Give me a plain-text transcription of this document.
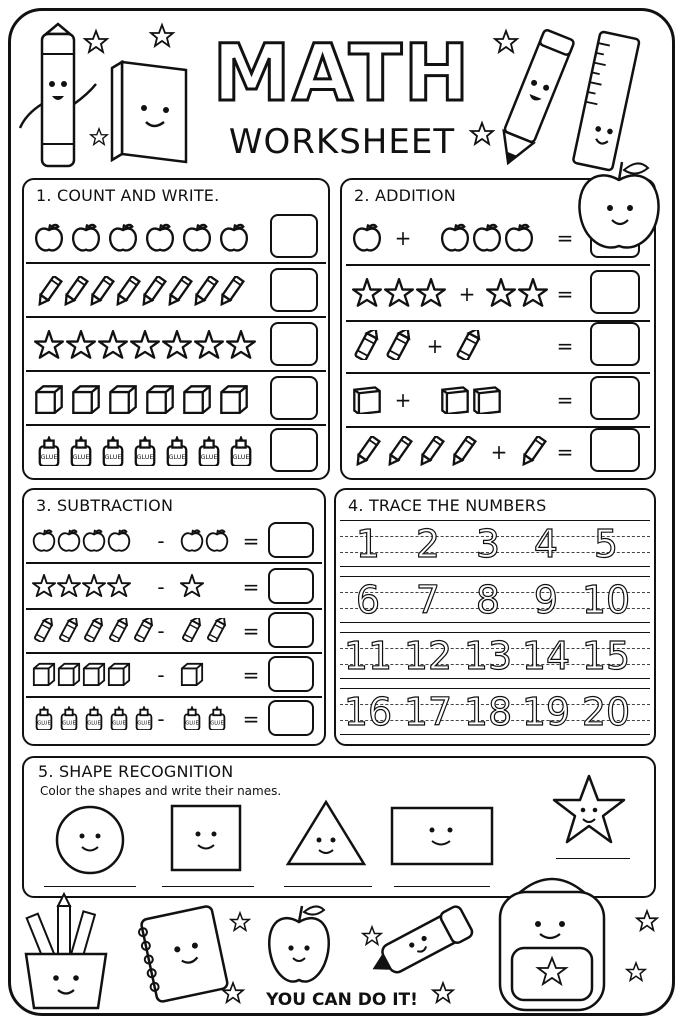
MATH
WORKSHEET
1. COUNT AND WRITE.	2. ADDITION
3. SUBTRACTION	4. TRACE THE NUMBERS
5. SHAPE RECOGNITION
Color the shapes and write their names.
GLUE	GLUE	GLUE	GLUE	GLUE	GLUE	GLUE
+	=
+	=
+	=
+	=
+ =
-	=
-	=
-	=
-	=
GLUE GLUE GLUE GLUE GLUE -	GLUE GLUE =
1 2 3 4 5
6 7 8 9 10
11 12 13 14 15
16 17 18 19 20
YOU CAN DO IT!
